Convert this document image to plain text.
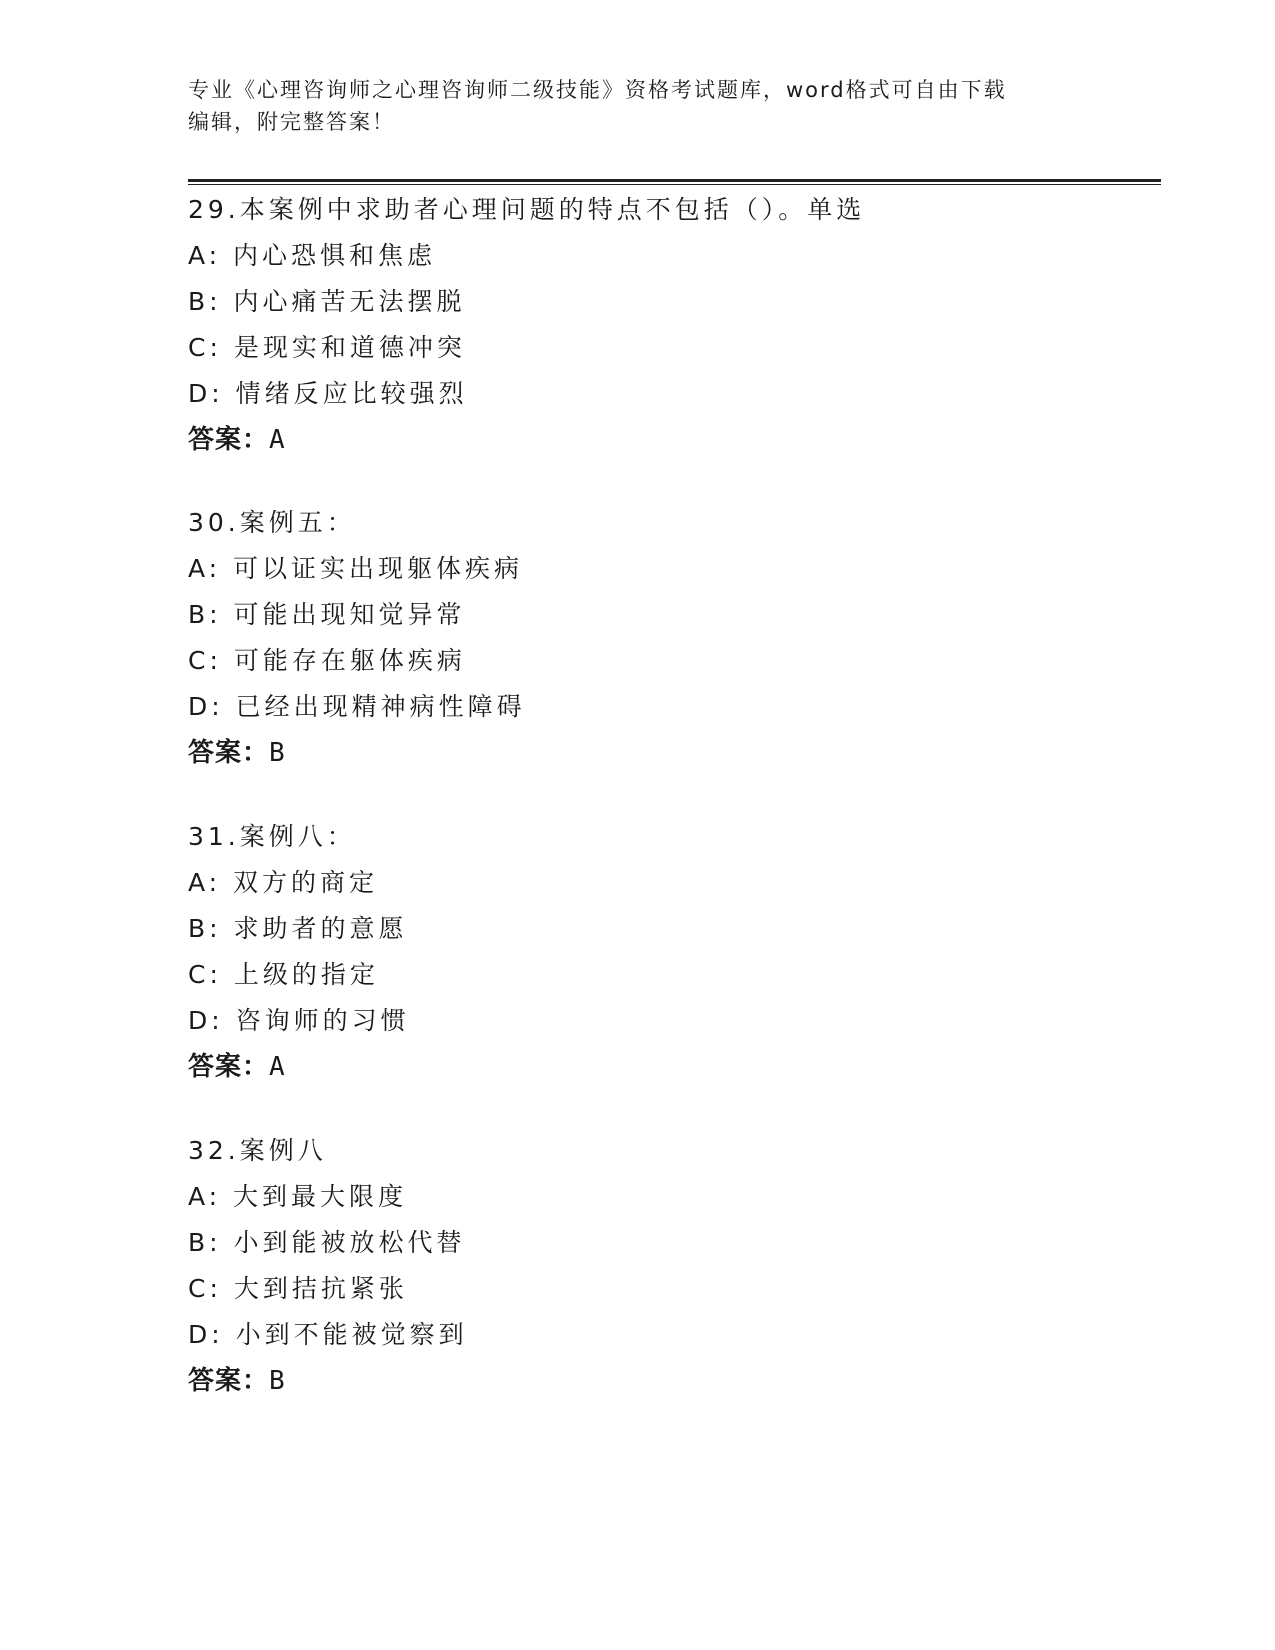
专业《心理咨询师之心理咨询师二级技能》资格考试题库，word格式可自由下载
编辑，附完整答案！
29.本案例中求助者心理问题的特点不包括（）。单选
A: 内心恐惧和焦虑
B: 内心痛苦无法摆脱
C: 是现实和道德冲突
D: 情绪反应比较强烈
答案：A
30.案例五：
A: 可以证实出现躯体疾病
B: 可能出现知觉异常
C: 可能存在躯体疾病
D: 已经出现精神病性障碍
答案：B
31.案例八：
A: 双方的商定
B: 求助者的意愿
C: 上级的指定
D: 咨询师的习惯
答案：A
32.案例八
A: 大到最大限度
B: 小到能被放松代替
C: 大到拮抗紧张
D: 小到不能被觉察到
答案：B
